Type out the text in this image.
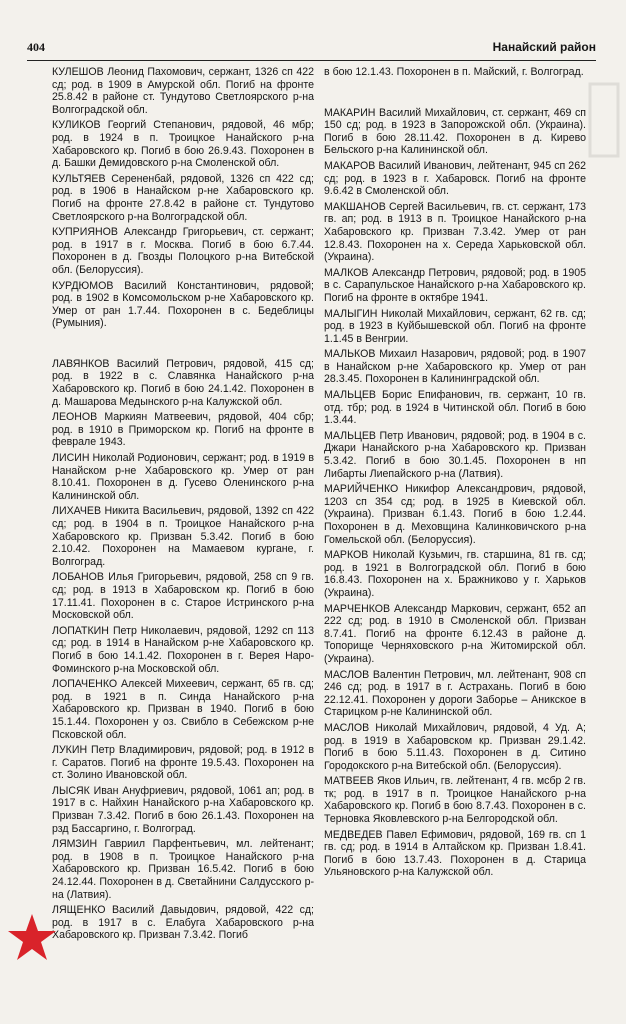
404	Нанайский район

КУЛЕШОВ Леонид Пахомович, сержант, 1326 сп 422 сд; род. в 1909 в Амурской обл. Погиб на фронте 25.8.42 в районе ст. Тундутово Светлоярского р-на Волгоградской обл.

КУЛИКОВ Георгий Степанович, рядовой, 46 мбр; род. в 1924 в п. Троицкое Нанайского р-на Хабаровского кр. Погиб в бою 26.9.43. Похоронен в д. Башки Демидовского р-на Смоленской обл.

КУЛЬТЯЕВ Серененбай, рядовой, 1326 сп 422 сд; род. в 1906 в Нанайском р-не Хабаровского кр. Погиб на фронте 27.8.42 в районе ст. Тундутово Светлоярского р-на Волгоградской обл.

КУПРИЯНОВ Александр Григорьевич, ст. сержант; род. в 1917 в г. Москва. Погиб в бою 6.7.44. Похоронен в д. Гвозды Полоцкого р-на Витебской обл. (Белоруссия).

КУРДЮМОВ Василий Константинович, рядовой; род. в 1902 в Комсомольском р-не Хабаровского кр. Умер от ран 1.7.44. Похоронен в с. Бедеблицы (Румыния).

ЛАВЯНКОВ Василий Петрович, рядовой, 415 сд; род. в 1922 в с. Славянка Нанайского р-на Хабаровского кр. Погиб в бою 24.1.42. Похоронен в д. Машарова Медынского р-на Калужской обл.

ЛЕОНОВ Маркиян Матвеевич, рядовой, 404 сбр; род. в 1910 в Приморском кр. Погиб на фронте в феврале 1943.

ЛИСИН Николай Родионович, сержант; род. в 1919 в Нанайском р-не Хабаровского кр. Умер от ран 8.10.41. Похоронен в д. Гусево Оленинского р-на Калининской обл.

ЛИХАЧЕВ Никита Васильевич, рядовой, 1392 сп 422 сд; род. в 1904 в п. Троицкое Нанайского р-на Хабаровского кр. Призван 5.3.42. Погиб в бою 2.10.42. Похоронен на Мамаевом кургане, г. Волгоград.

ЛОБАНОВ Илья Григорьевич, рядовой, 258 сп 9 гв. сд; род. в 1913 в Хабаровском кр. Погиб в бою 17.11.41. Похоронен в с. Старое Истринского р-на Московской обл.

ЛОПАТКИН Петр Николаевич, рядовой, 1292 сп 113 сд; род. в 1914 в Нанайском р-не Хабаровского кр. Погиб в бою 14.1.42. Похоронен в г. Верея Наро-Фоминского р-на Московской обл.

ЛОПАЧЕНКО Алексей Михеевич, сержант, 65 гв. сд; род. в 1921 в п. Синда Нанайского р-на Хабаровского кр. Призван в 1940. Погиб в бою 15.1.44. Похоронен у оз. Свибло в Себежском р-не Псковской обл.

ЛУКИН Петр Владимирович, рядовой; род. в 1912 в г. Саратов. Погиб на фронте 19.5.43. Похоронен на ст. Золино Ивановской обл.

ЛЫСЯК Иван Ануфриевич, рядовой, 1061 ап; род. в 1917 в с. Найхин Нанайского р-на Хабаровского кр. Призван 7.3.42. Погиб в бою 26.1.43. Похоронен на рзд Бассаргино, г. Волгоград.

ЛЯМЗИН Гавриил Парфентьевич, мл. лейтенант; род. в 1908 в п. Троицкое Нанайского р-на Хабаровского кр. Призван 16.5.42. Погиб в бою 24.12.44. Похоронен в д. Светайнини Салдусского р-на (Латвия).

ЛЯЩЕНКО Василий Давыдович, рядовой, 422 сд; род. в 1917 в с. Елабуга Хабаровского р-на Хабаровского кр. Призван 7.3.42. Погиб

в бою 12.1.43. Похоронен в п. Майский, г. Волгоград.

МАКАРИН Василий Михайлович, ст. сержант, 469 сп 150 сд; род. в 1923 в Запорожской обл. (Украина). Погиб в бою 28.11.42. Похоронен в д. Кирево Бельского р-на Калининской обл.

МАКАРОВ Василий Иванович, лейтенант, 945 сп 262 сд; род. в 1923 в г. Хабаровск. Погиб на фронте 9.6.42 в Смоленской обл.

МАКШАНОВ Сергей Васильевич, гв. ст. сержант, 173 гв. ап; род. в 1913 в п. Троицкое Нанайского р-на Хабаровского кр. Призван 7.3.42. Умер от ран 12.8.43. Похоронен на х. Середа Харьковской обл. (Украина).

МАЛКОВ Александр Петрович, рядовой; род. в 1905 в с. Сарапульское Нанайского р-на Хабаровского кр. Погиб на фронте в октябре 1941.

МАЛЫГИН Николай Михайлович, сержант, 62 гв. сд; род. в 1923 в Куйбышевской обл. Погиб на фронте 1.1.45 в Венгрии.

МАЛЬКОВ Михаил Назарович, рядовой; род. в 1907 в Нанайском р-не Хабаровского кр. Умер от ран 28.3.45. Похоронен в Калининградской обл.

МАЛЬЦЕВ Борис Епифанович, гв. сержант, 10 гв. отд. тбр; род. в 1924 в Читинской обл. Погиб в бою 1.3.44.

МАЛЬЦЕВ Петр Иванович, рядовой; род. в 1904 в с. Джари Нанайского р-на Хабаровского кр. Призван 5.3.42. Погиб в бою 30.1.45. Похоронен в нп Либарты Лиепайского р-на (Латвия).

МАРИЙЧЕНКО Никифор Александрович, рядовой, 1203 сп 354 сд; род. в 1925 в Киевской обл. (Украина). Призван 6.1.43. Погиб в бою 1.2.44. Похоронен в д. Меховщина Калинковичского р-на Гомельской обл. (Белоруссия).

МАРКОВ Николай Кузьмич, гв. старшина, 81 гв. сд; род. в 1921 в Волгоградской обл. Погиб в бою 16.8.43. Похоронен на х. Бражниково у г. Харьков (Украина).

МАРЧЕНКОВ Александр Маркович, сержант, 652 ап 222 сд; род. в 1910 в Смоленской обл. Призван 8.7.41. Погиб на фронте 6.12.43 в районе д. Топорище Черняховского р-на Житомирской обл. (Украина).

МАСЛОВ Валентин Петрович, мл. лейтенант, 908 сп 246 сд; род. в 1917 в г. Астрахань. Погиб в бою 22.12.41. Похоронен у дороги Заборье – Аникское в Старицком р-не Калининской обл.

МАСЛОВ Николай Михайлович, рядовой, 4 Уд. А; род. в 1919 в Хабаровском кр. Призван 29.1.42. Погиб в бою 5.11.43. Похоронен в д. Ситино Городокского р-на Витебской обл. (Белоруссия).

МАТВЕЕВ Яков Ильич, гв. лейтенант, 4 гв. мсбр 2 гв. тк; род. в 1917 в п. Троицкое Нанайского р-на Хабаровского кр. Погиб в бою 8.7.43. Похоронен в с. Терновка Яковлевского р-на Белгородской обл.

МЕДВЕДЕВ Павел Ефимович, рядовой, 169 гв. сп 1 гв. сд; род. в 1914 в Алтайском кр. Призван 1.8.41. Погиб в бою 13.7.43. Похоронен в д. Старица Ульяновского р-на Калужской обл.
